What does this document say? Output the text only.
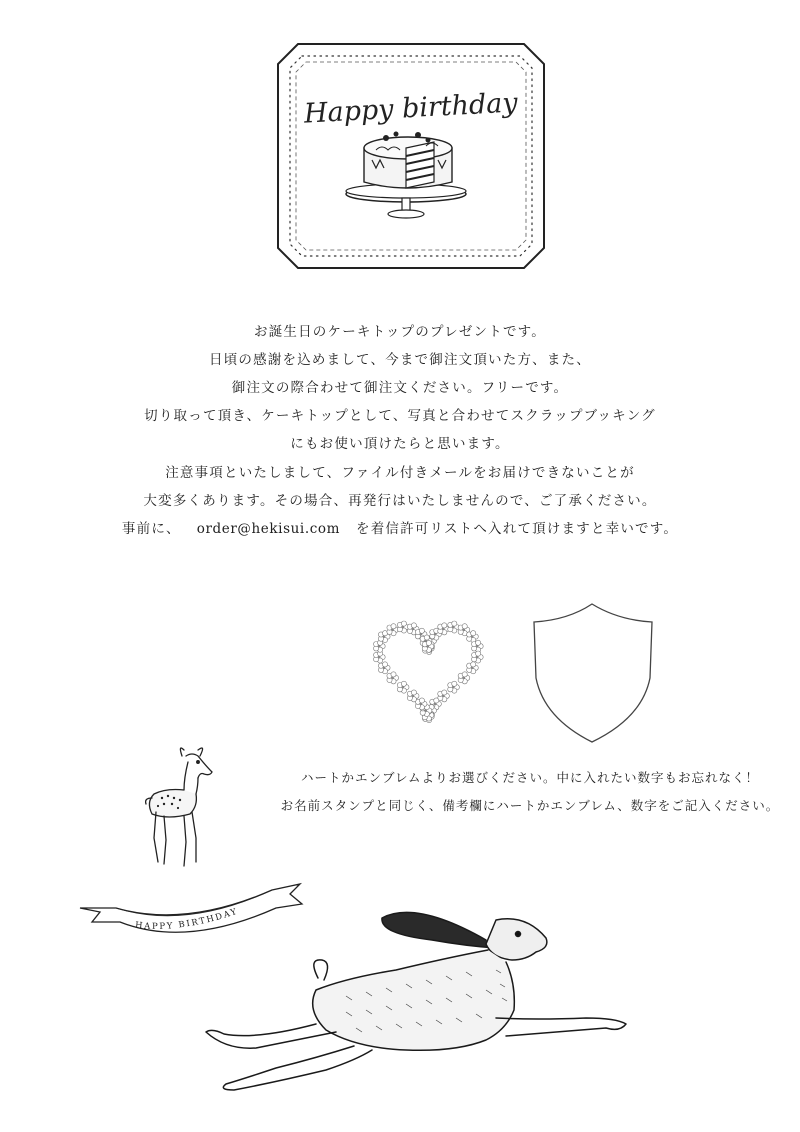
Happy birthday
お誕生日のケーキトップのプレゼントです。
日頃の感謝を込めまして、今まで御注文頂いた方、また、
御注文の際合わせて御注文ください。フリーです。
切り取って頂き、ケーキトップとして、写真と合わせてスクラップブッキング
にもお使い頂けたらと思います。
注意事項といたしまして、ファイル付きメールをお届けできないことが
大変多くあります。その場合、再発行はいたしませんので、ご了承ください。
事前に、 order@hekisui.com を着信許可リストへ入れて頂けますと幸いです。
ハートかエンブレムよりお選びください。中に入れたい数字もお忘れなく！
お名前スタンプと同じく、備考欄にハートかエンブレム、数字をご記入ください。
HAPPY BIRTHDAY
